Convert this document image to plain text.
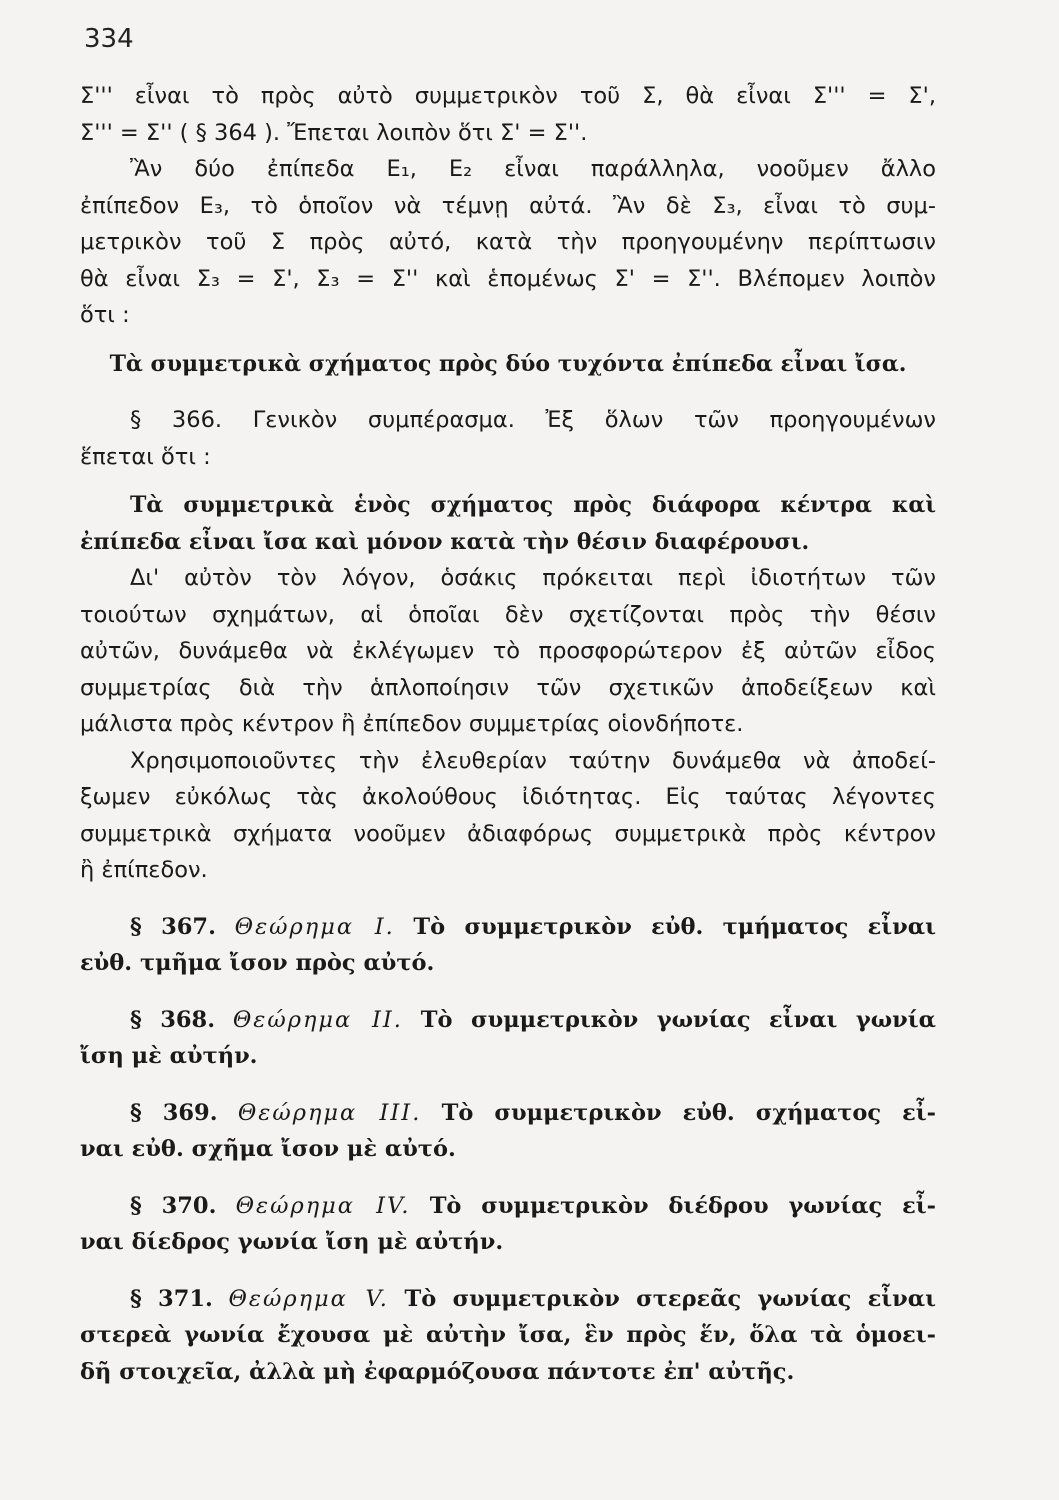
334
Σ''' εἶναι τὸ πρὸς αὐτὸ συμμετρικὸν τοῦ Σ, θὰ εἶναι Σ''' = Σ',
Σ''' = Σ'' ( § 364 ). Ἔπεται λοιπὸν ὅτι Σ' = Σ''.
Ἂν δύο ἐπίπεδα E₁, E₂ εἶναι παράλληλα, νοοῦμεν ἄλλο
ἐπίπεδον E₃, τὸ ὁποῖον νὰ τέμνῃ αὐτά. Ἂν δὲ Σ₃, εἶναι τὸ συμ-
μετρικὸν τοῦ Σ πρὸς αὐτό, κατὰ τὴν προηγουμένην περίπτωσιν
θὰ εἶναι Σ₃ = Σ', Σ₃ = Σ'' καὶ ἑπομένως Σ' = Σ''. Βλέπομεν λοιπὸν
ὅτι :
Τὰ συμμετρικὰ σχήματος πρὸς δύο τυχόντα ἐπίπεδα εἶναι ἴσα.
§ 366. Γενικὸν συμπέρασμα. Ἐξ ὅλων τῶν προηγουμένων
ἕπεται ὅτι :
Τὰ συμμετρικὰ ἑνὸς σχήματος πρὸς διάφορα κέντρα καὶ
ἐπίπεδα εἶναι ἴσα καὶ μόνον κατὰ τὴν θέσιν διαφέρουσι.
Δι' αὐτὸν τὸν λόγον, ὁσάκις πρόκειται περὶ ἰδιοτήτων τῶν
τοιούτων σχημάτων, αἱ ὁποῖαι δὲν σχετίζονται πρὸς τὴν θέσιν
αὐτῶν, δυνάμεθα νὰ ἐκλέγωμεν τὸ προσφορώτερον ἐξ αὐτῶν εἶδος
συμμετρίας διὰ τὴν ἁπλοποίησιν τῶν σχετικῶν ἀποδείξεων καὶ
μάλιστα πρὸς κέντρον ἢ ἐπίπεδον συμμετρίας οἱονδήποτε.
Χρησιμοποιοῦντες τὴν ἐλευθερίαν ταύτην δυνάμεθα νὰ ἀποδεί-
ξωμεν εὐκόλως τὰς ἀκολούθους ἰδιότητας. Εἰς ταύτας λέγοντες
συμμετρικὰ σχήματα νοοῦμεν ἀδιαφόρως συμμετρικὰ πρὸς κέντρον
ἢ ἐπίπεδον.
§ 367. Θεώρημα I. Τὸ συμμετρικὸν εὐθ. τμήματος εἶναι
εὐθ. τμῆμα ἴσον πρὸς αὐτό.
§ 368. Θεώρημα II. Τὸ συμμετρικὸν γωνίας εἶναι γωνία
ἴση μὲ αὐτήν.
§ 369. Θεώρημα III. Τὸ συμμετρικὸν εὐθ. σχήματος εἶ-
ναι εὐθ. σχῆμα ἴσον μὲ αὐτό.
§ 370. Θεώρημα IV. Τὸ συμμετρικὸν διέδρου γωνίας εἶ-
ναι δίεδρος γωνία ἴση μὲ αὐτήν.
§ 371. Θεώρημα V. Τὸ συμμετρικὸν στερεᾶς γωνίας εἶναι
στερεὰ γωνία ἔχουσα μὲ αὐτὴν ἴσα, ἓν πρὸς ἕν, ὅλα τὰ ὁμοει-
δῆ στοιχεῖα, ἀλλὰ μὴ ἐφαρμόζουσα πάντοτε ἐπ' αὐτῆς.
